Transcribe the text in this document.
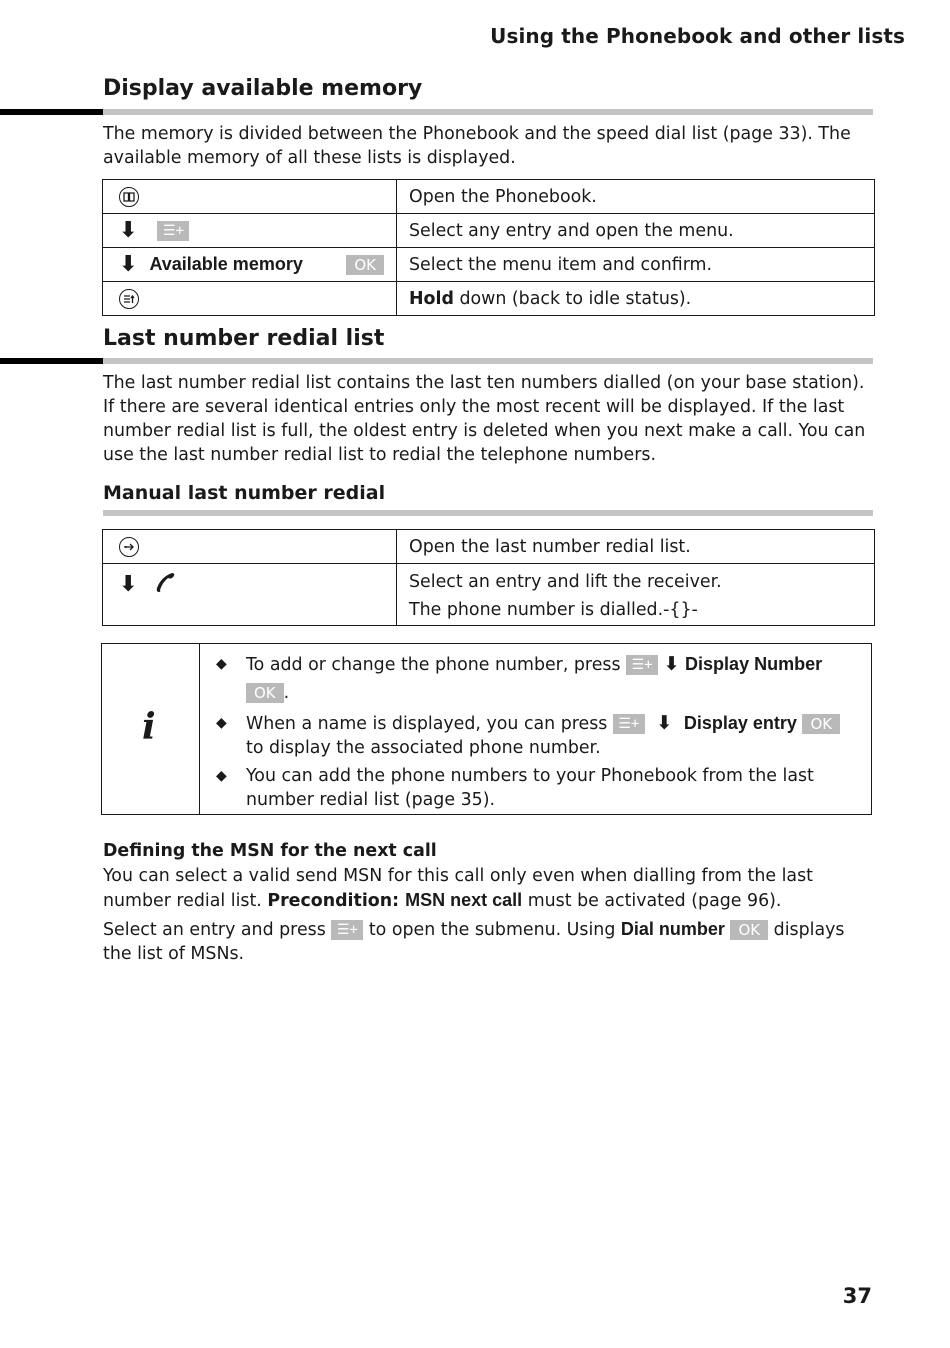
Using the Phonebook and other lists
Display available memory

The memory is divided between the Phonebook and the speed dial list (page 33). The available memory of all these lists is displayed.

	Open the Phonebook.

⬇ ☰+	Select any entry and open the menu.

⬇ Available memory OK	Select the menu item and confirm.

	Hold down (back to idle status).
Last number redial list

The last number redial list contains the last ten numbers dialled (on your base station). If there are several identical entries only the most recent will be displayed. If the last number redial list is full, the oldest entry is deleted when you next make a call. You can use the last number redial list to redial the telephone numbers.

Manual last number redial
	Open the last number redial list.

⬇	Select an entry and lift the receiver.
The phone number is dialled.-{}-
i
◆ To add or change the phone number, press ☰+ ⬇ Display Number
OK .
◆ When a name is displayed, you can press ☰+ ⬇ Display entry OK
to display the associated phone number.
◆ You can add the phone numbers to your Phonebook from the last number redial list (page 35).
Defining the MSN for the next call

You can select a valid send MSN for this call only even when dialling from the last number redial list. Precondition: MSN next call must be activated (page 96).

Select an entry and press ☰+ to open the submenu. Using Dial number OK displays the list of MSNs.

37
